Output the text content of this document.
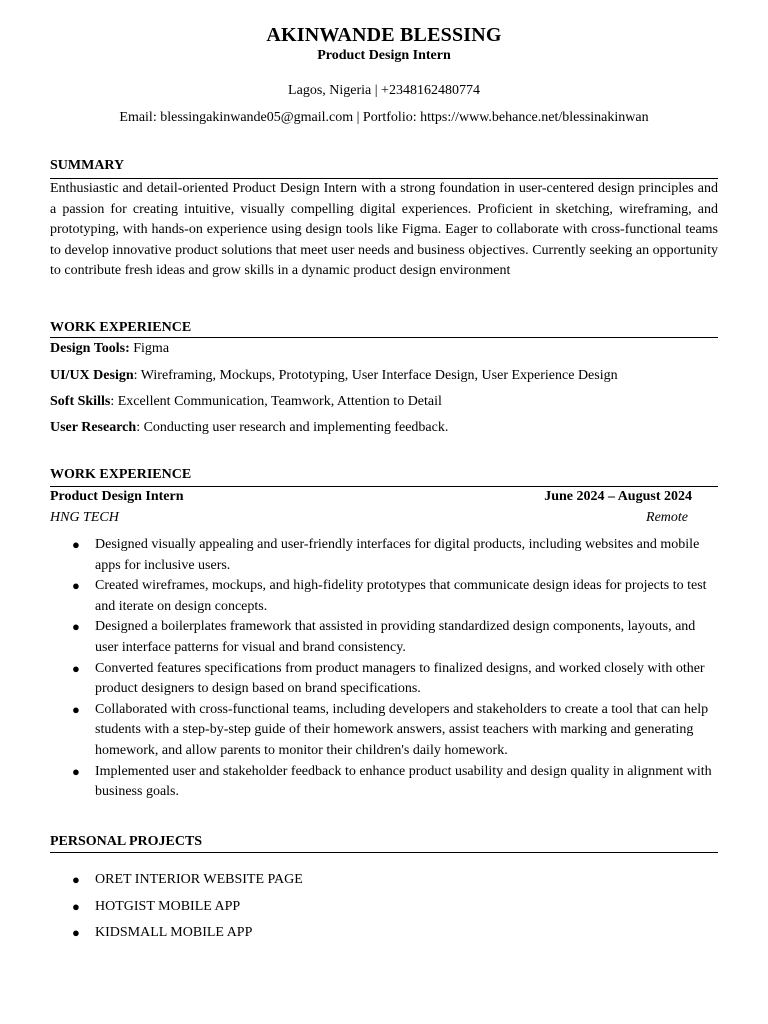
AKINWANDE BLESSING
Product Design Intern
Lagos, Nigeria | +2348162480774
Email: blessingakinwande05@gmail.com | Portfolio: https://www.behance.net/blessinakinwan
SUMMARY
Enthusiastic and detail-oriented Product Design Intern with a strong foundation in user-centered design principles and a passion for creating intuitive, visually compelling digital experiences. Proficient in sketching, wireframing, and prototyping, with hands-on experience using design tools like Figma. Eager to collaborate with cross-functional teams to develop innovative product solutions that meet user needs and business objectives. Currently seeking an opportunity to contribute fresh ideas and grow skills in a dynamic product design environment
WORK EXPERIENCE
Design Tools: Figma
UI/UX Design: Wireframing, Mockups, Prototyping, User Interface Design, User Experience Design
Soft Skills: Excellent Communication, Teamwork, Attention to Detail
User Research: Conducting user research and implementing feedback.
WORK EXPERIENCE
Product Design Intern	June 2024 – August 2024
HNG TECH	Remote
● Designed visually appealing and user-friendly interfaces for digital products, including websites and mobile apps for inclusive users.
● Created wireframes, mockups, and high-fidelity prototypes that communicate design ideas for projects to test and iterate on design concepts.
● Designed a boilerplates framework that assisted in providing standardized design components, layouts, and user interface patterns for visual and brand consistency.
● Converted features specifications from product managers to finalized designs, and worked closely with other product designers to design based on brand specifications.
● Collaborated with cross-functional teams, including developers and stakeholders to create a tool that can help students with a step-by-step guide of their homework answers, assist teachers with marking and generating homework, and allow parents to monitor their children's daily homework.
● Implemented user and stakeholder feedback to enhance product usability and design quality in alignment with business goals.
PERSONAL PROJECTS
● ORET INTERIOR WEBSITE PAGE
● HOTGIST MOBILE APP
● KIDSMALL MOBILE APP
